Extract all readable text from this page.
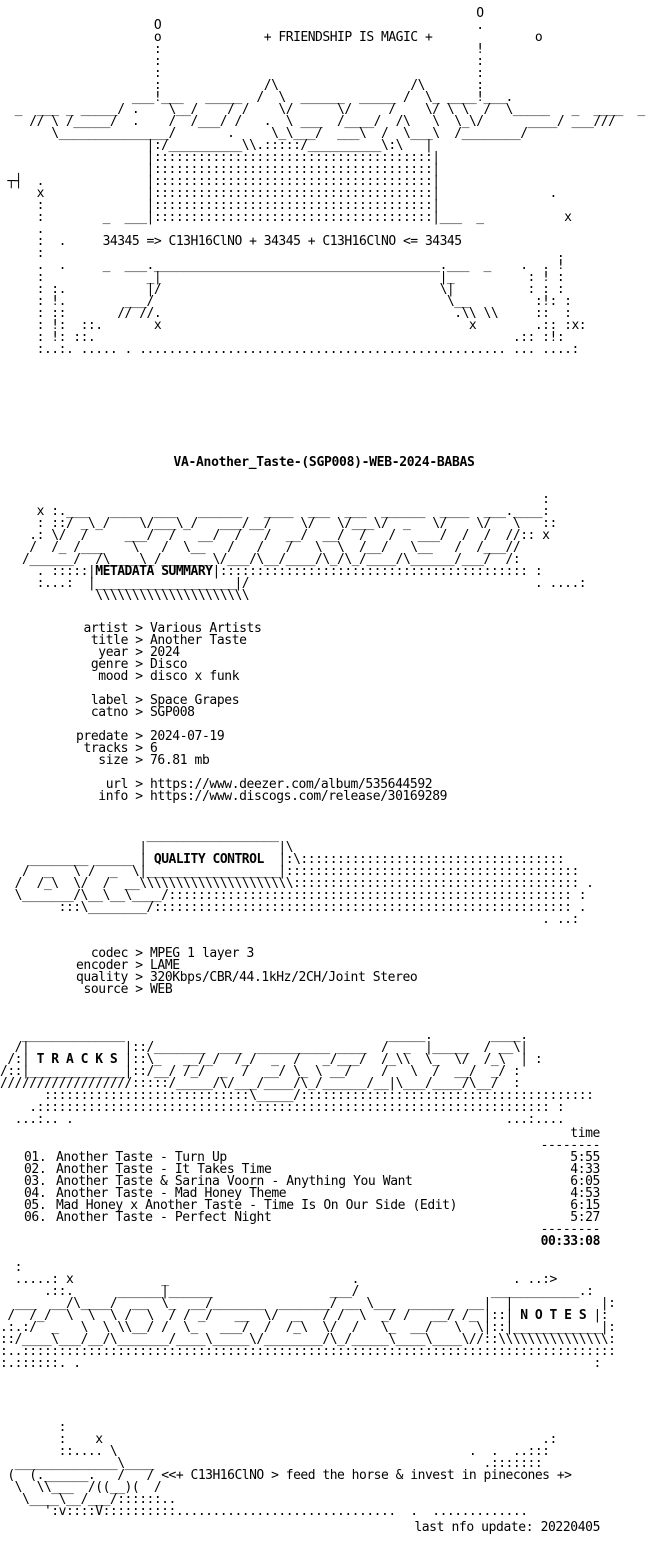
O
O                                           .
o	+ FRIENDSHIP IS MAGIC +	o
:                                           !
:                                           :
:                                           :
:              /\                  /\       :
___!___   _____  /  \  ______  _____ /  \_ ____!___.
_  ___ _ _____/ .    \__/    / /    \/      \/     /    \/ \ \  /  \_____   _  ____  _
// \ /_____/  .    /  /___/ /   .  \ ___  /____/  /\   \  \_\/      ____/ ___///
\_______________/       .     \_\___/  ___\  /  \___\  /________/
|:/__________\\.:::::/__________\:\   |
|::::::::::::::::::::::::::::::::::::::|
|::::::::::::::::::::::::::::::::::::::|
┬┤  .              |::::::::::::::::::::::::::::::::::::::|
x              |::::::::::::::::::::::::::::::::::::::|               .
:              |::::::::::::::::::::::::::::::::::::::|
:        _  ___|::::::::::::::::::::::::::::::::::::::|___  _           x
.
:  .	34345 => C13H16ClNO + 34345 + C13H16ClNO <= 34345
:                                                                      .
.  .     _  ___._______________________________________.___  _    .  . !
:              _|                                      |_          : ! :
: :.           |/                                      \|          : : :
: !.        ___/                                        \__         :!: :
: ::       // //.                                        .\\ \\     ::  :
: !:  ::.       x                                          x        .:: :x:
: !: ::.                                                         .:: :!:
:..:. ..... . .................................................. ... ....:
VA-Another_Taste-(SGP008)-WEB-2024-BABAS
:
x :.___   ____  ___   ______   ____  ___  ___  ______  ____  ___.____:
: ::/ _\_/    \/___\_/   ___/__/    \/   \/___\/  _   \/    \/   \   ::
.: \/  /     ___/  /   __/  /   /  __/  __/  /   /   ___/  /  /  //:: x
/  /_ /___    \   /  \__   /   /   /   \  \  /__/   \__   /  /___//
/______/  /\____\_/_______\/___/\__/____/\_/\_/____/\______/___/  /:
. :::::|METADATA SUMMARY|:::::::::::::::::::::::::::::::::::::::::: :
:...:  |___________________|/                                       . ....:
\\\\\\\\\\\\\\\\\\\\\
artist > Various Artists
title > Another Taste
year > 2024
genre > Disco
mood > disco x funk
label > Space Grapes
catno > SGP008
predate > 2024-07-19
tracks > 6
size > 76.81 mb
url > https://www.deezer.com/album/535644592
info > https://www.discogs.com/release/30169289
__________________
|                  |\
________ _____ | QUALITY CONTROL  |:\::::::::::::::::::::::::::::::::::::
/  _   \ /  _  \|__________________|::::::::::::::::::::::::::::::::::::::::
/  /_\  \/  /  __\\\\\\\\\\\\\\\\\\\\\::::::::::::::::::::::::::::::::::::::: .
\_______/\__\__\____/::::::::::::::::::::::::::::::::::::::::::::::::::::::: :
:::\________/::::::::::::::::::::::::::::::::::::::::::::::::::::::::: .
. ..:
codec > MPEG 1 layer 3
encoder > LAME
quality > 320Kbps/CBR/44.1kHz/2CH/Joint Stereo
source > WEB
______________                                    _____.        ____.
/|             |::/_______  ___  __________ ____  /  _  |_____  / __\|
/:| T R A C K S |::\_   __/_/  /_/  _  /   _/___/  /_\\  \_  \/  /_\  | :
/::|_____________|::/__/ /_/  _  /  __/ \_ \ __/    /   \  /  __/  _/ :
//////////////////:::::/_____/\/___/____/\_/______/__|\___/____/\__/  :
::::::::::::::::::::::::::::\_____/::::::::::::::::::::::::::::::::::::::::
.:::::::::::::::::::::::::::::::::::::::::::::::::::::::::::::::::::::: :
...:.. .                                                           ...:....
time
--------
01. Another Taste - Turn Up	5:55
02. Another Taste - It Takes Time	4:33
03. Another Taste & Sarina Voorn - Anything You Want	6:05
04. Another Taste - Mad Honey Theme	4:53
05. Mad Honey x Another Taste - Time Is On Our Side (Edit)	6:15
06. Another Taste - Perfect Night	5:27
--------
00:33:08
:
.....: x            _                         .                     . ..:>
.::.      ______|______                ___/                  ____________.:
___  __/\____/  __  \_  __/_______  _______/ __ \___  ______  __|  |            |:
/  /_/  \  \  \ /  \  / / _/   __  \/  _   / /  \  _/ /   __/ /_ |::| N O T E S |:
.:.:/  _   \  \ \\__/ /  \_   ___/  /  /_\  \/  /   \_  __/   \  \|::|____________|:
::/____\___/__/\_______/____\_____\/________/\_/_____\____\____\//::\\\\\\\\\\\\\\\:
:..:::::::::::::::::::::::::::::::::::::::::::::::::::::::::::::::::::::::::::::::::
:.::::::. .                                                                      :
:
:    x                                                            .:
::.... \                                                .  .  ..:::
______________\____                                             .:::::::
(  (.______.   /   / <<+ C13H16ClNO > feed the horse & invest in pinecones +>
\  \\___  /((__)(  /
\____\__/___/::::::..
':v::::V::::::::::..............................  .  .............
last nfo update: 20220405
